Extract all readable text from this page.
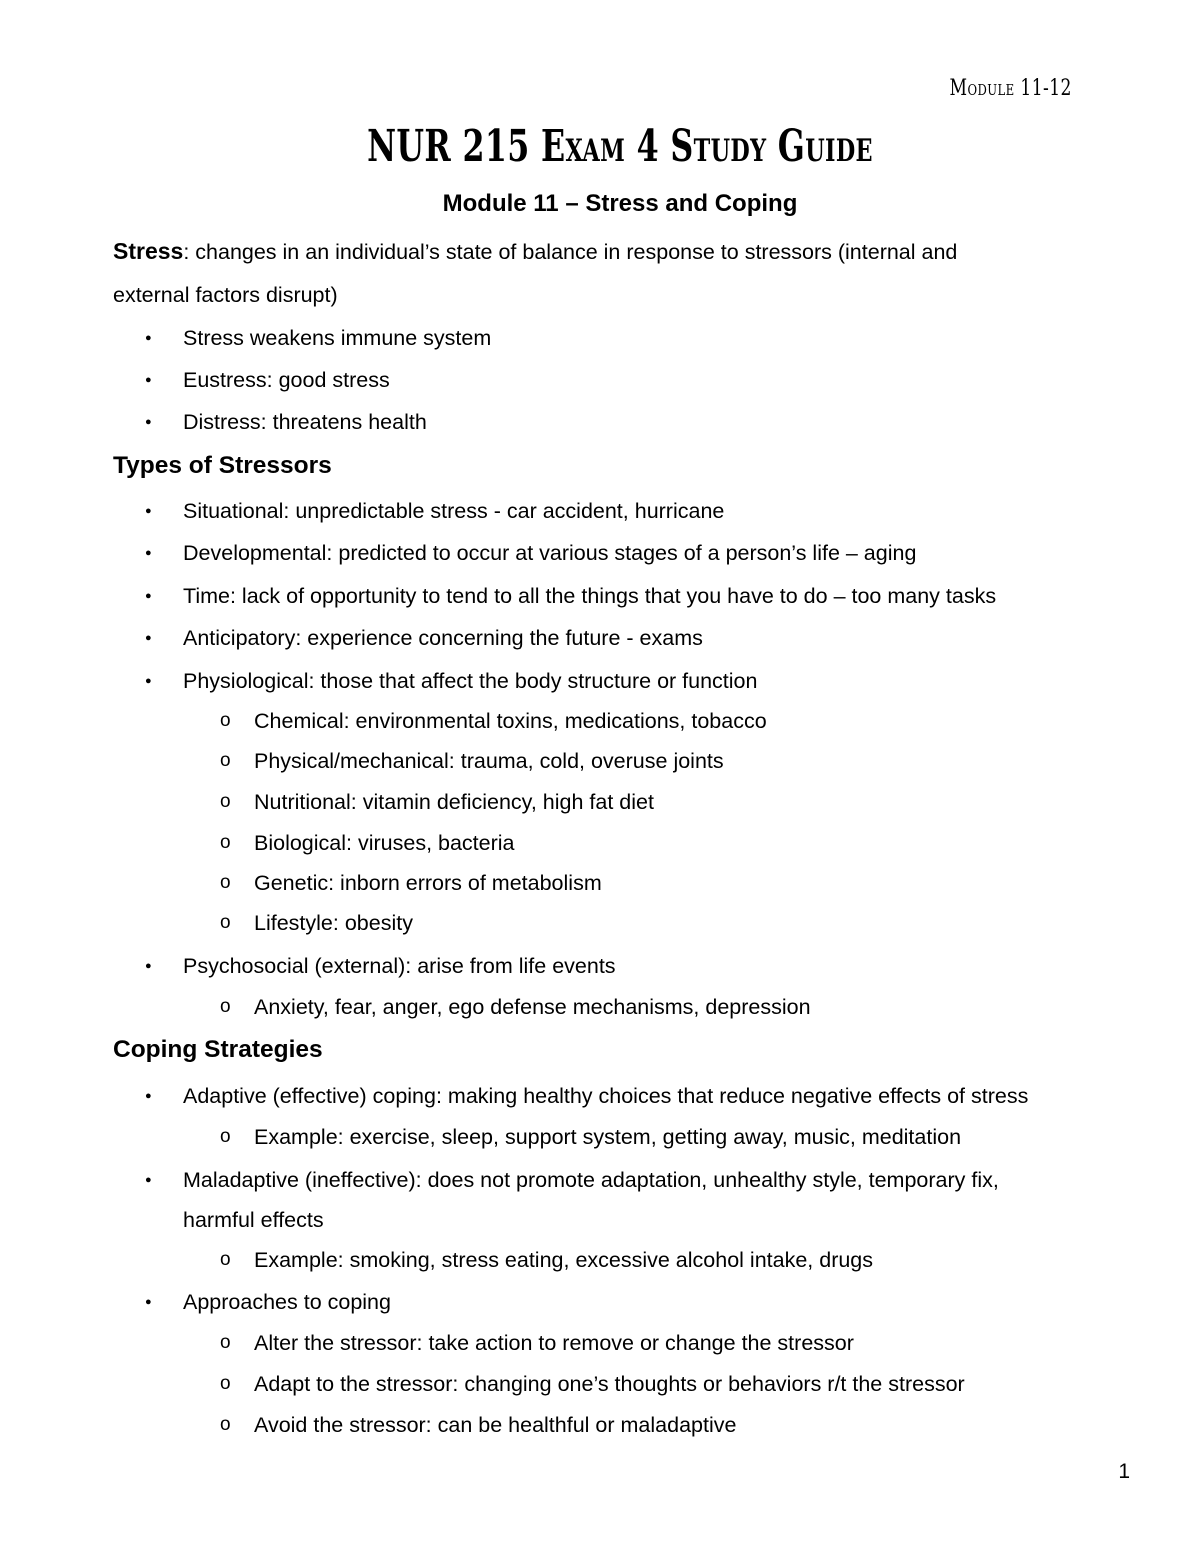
Module 11-12
NUR 215 Exam 4 Study Guide
Module 11 – Stress and Coping
Stress: changes in an individual’s state of balance in response to stressors (internal and
external factors disrupt)
● Stress weakens immune system
● Eustress: good stress
● Distress: threatens health
Types of Stressors
● Situational: unpredictable stress - car accident, hurricane
● Developmental: predicted to occur at various stages of a person’s life – aging
● Time: lack of opportunity to tend to all the things that you have to do – too many tasks
● Anticipatory: experience concerning the future - exams
● Physiological: those that affect the body structure or function
o Chemical: environmental toxins, medications, tobacco
o Physical/mechanical: trauma, cold, overuse joints
o Nutritional: vitamin deficiency, high fat diet
o Biological: viruses, bacteria
o Genetic: inborn errors of metabolism
o Lifestyle: obesity
● Psychosocial (external): arise from life events
o Anxiety, fear, anger, ego defense mechanisms, depression
Coping Strategies
● Adaptive (effective) coping: making healthy choices that reduce negative effects of stress
o Example: exercise, sleep, support system, getting away, music, meditation
● Maladaptive (ineffective): does not promote adaptation, unhealthy style, temporary fix,
harmful effects
o Example: smoking, stress eating, excessive alcohol intake, drugs
● Approaches to coping
o Alter the stressor: take action to remove or change the stressor
o Adapt to the stressor: changing one’s thoughts or behaviors r/t the stressor
o Avoid the stressor: can be healthful or maladaptive
1
